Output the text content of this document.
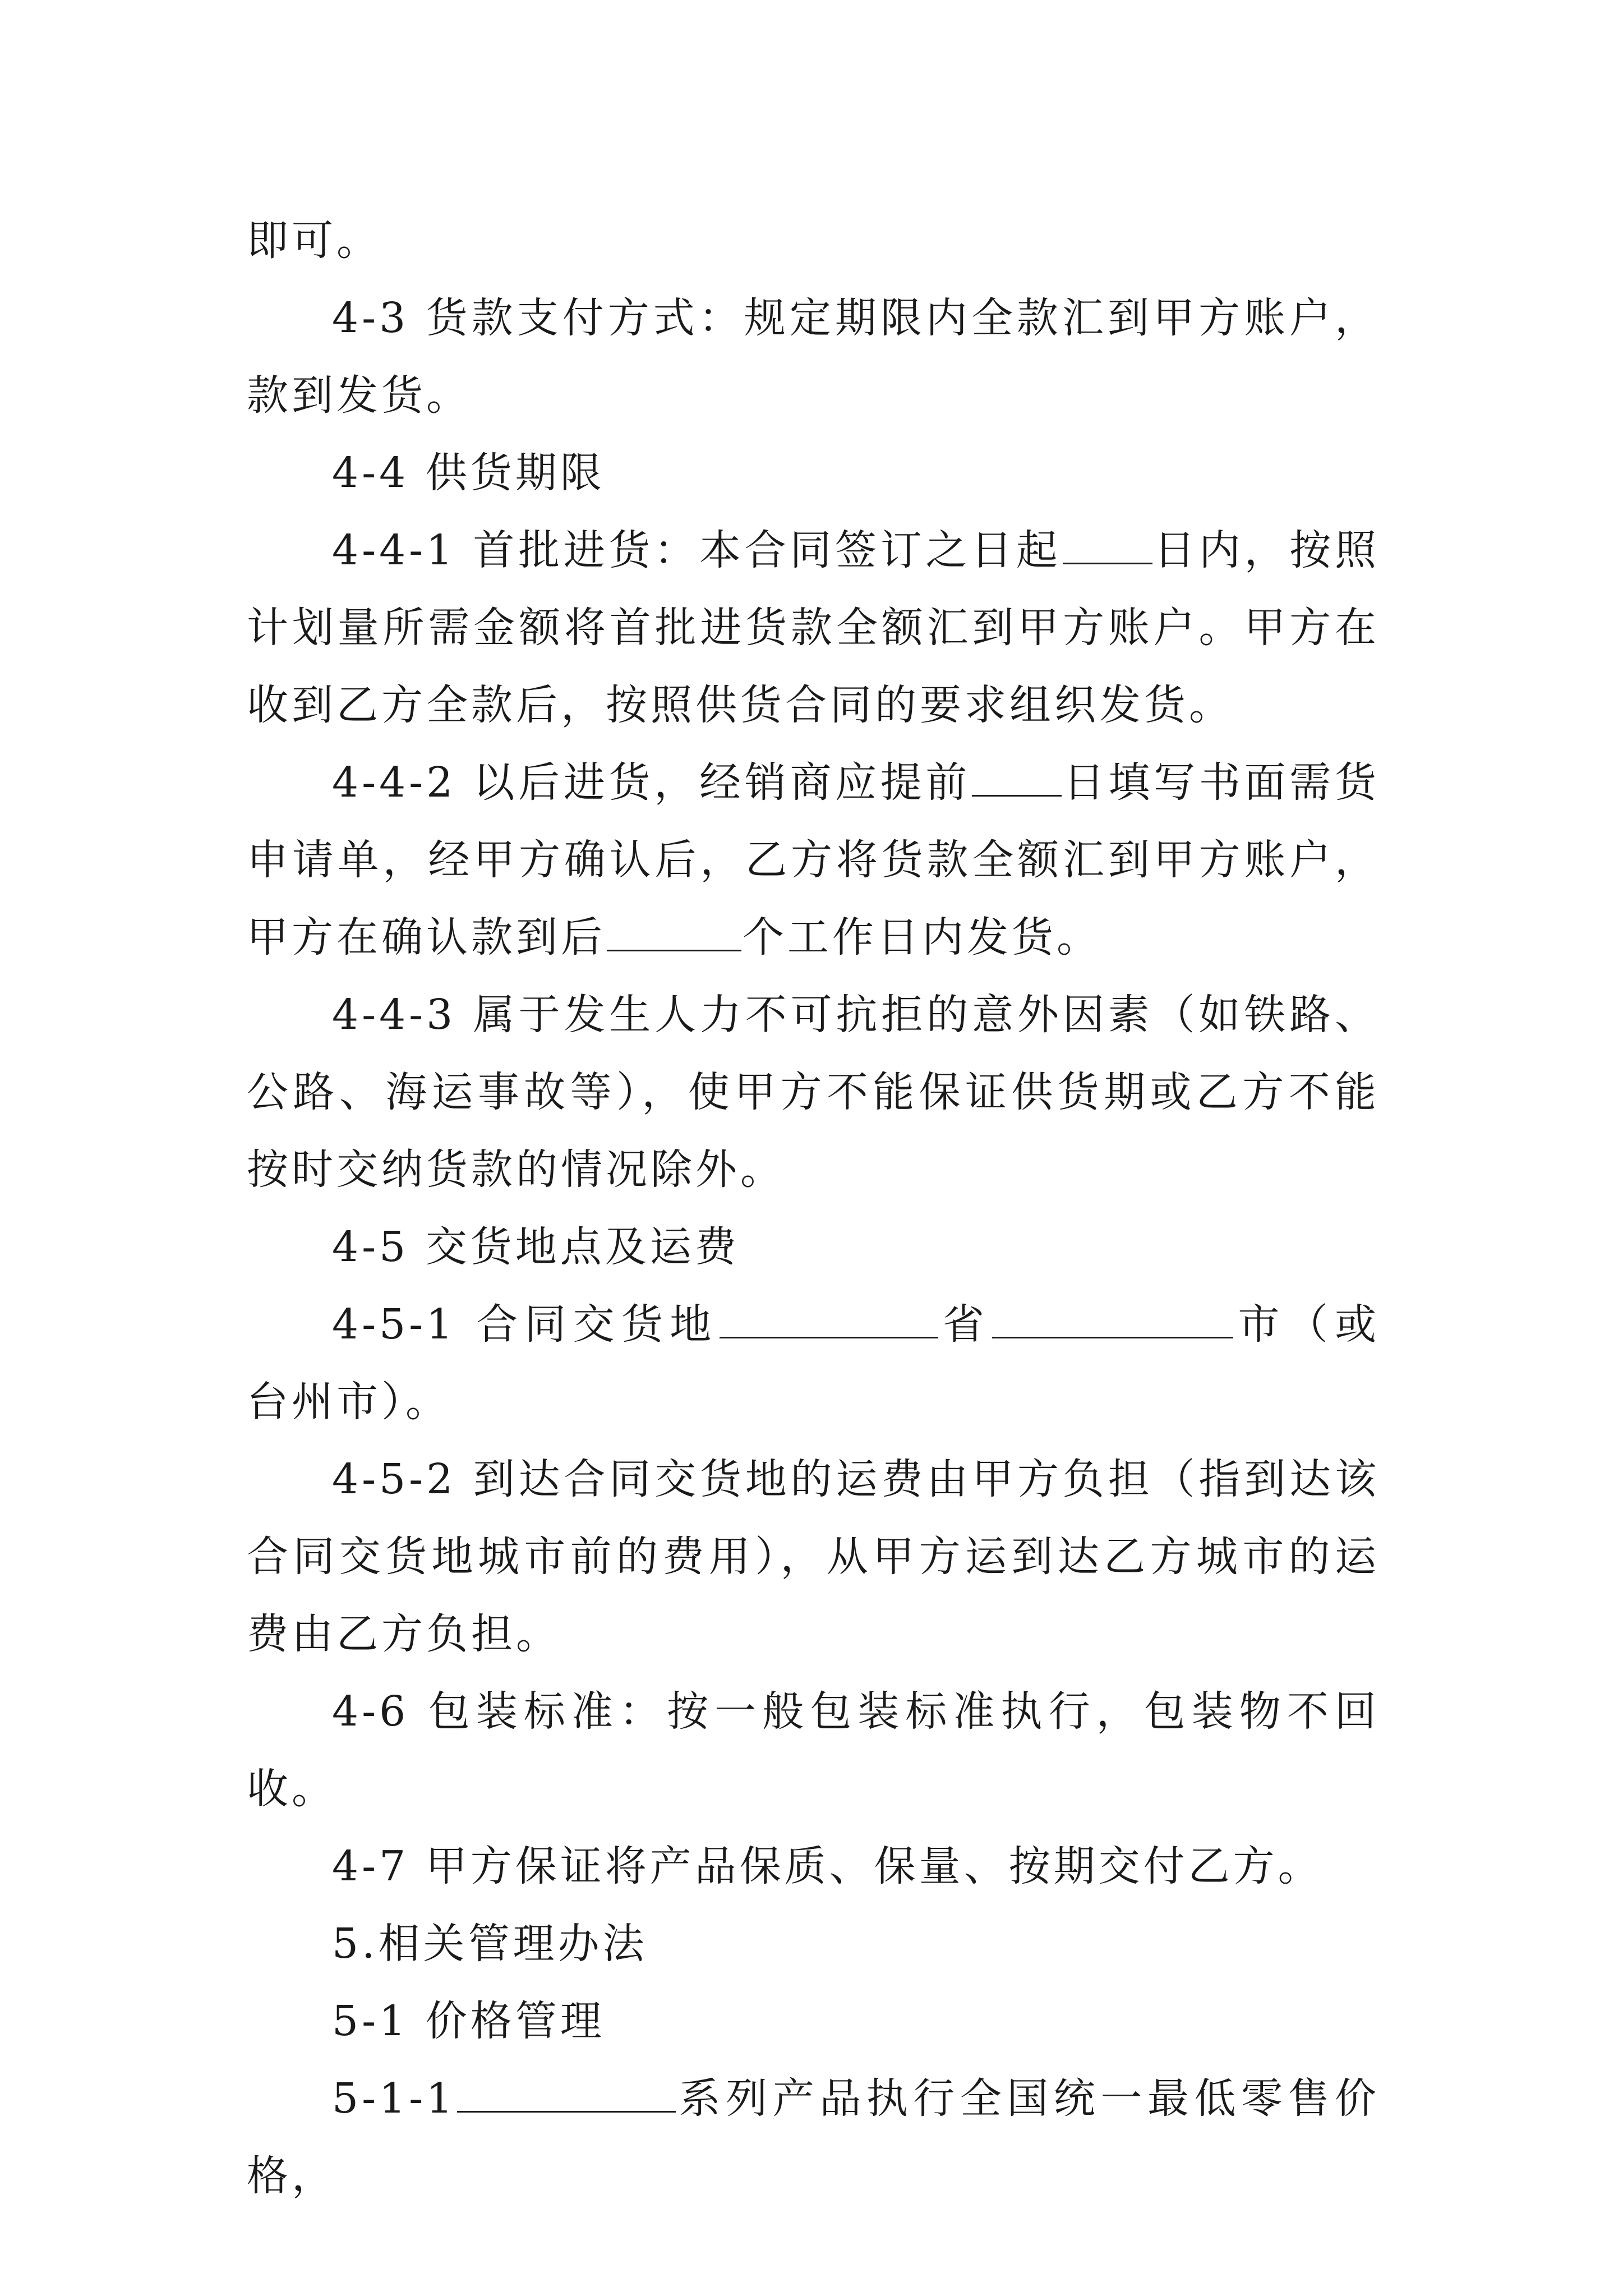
即可。

4-3 货款支付方式：规定期限内全款汇到甲方账户，款到发货。

4-4 供货期限

4-4-1 首批进货：本合同签订之日起 日内，按照计划量所需金额将首批进货款全额汇到甲方账户。甲方在收到乙方全款后，按照供货合同的要求组织发货。

4-4-2 以后进货，经销商应提前 日填写书面需货申请单，经甲方确认后，乙方将货款全额汇到甲方账户，甲方在确认款到后	个工作日内发货。

4-4-3 属于发生人力不可抗拒的意外因素（如铁路、公路、海运事故等），使甲方不能保证供货期或乙方不能按时交纳货款的情况除外。

4-5 交货地点及运费

4-5-1 合同交货地	省	市（或台州市）。

4-5-2 到达合同交货地的运费由甲方负担（指到达该合同交货地城市前的费用），从甲方运到达乙方城市的运费由乙方负担。

4-6 包装标准：按一般包装标准执行，包装物不回收。

4-7 甲方保证将产品保质、保量、按期交付乙方。

5.相关管理办法

5-1 价格管理

5-1-1	系列产品执行全国统一最低零售价格，
